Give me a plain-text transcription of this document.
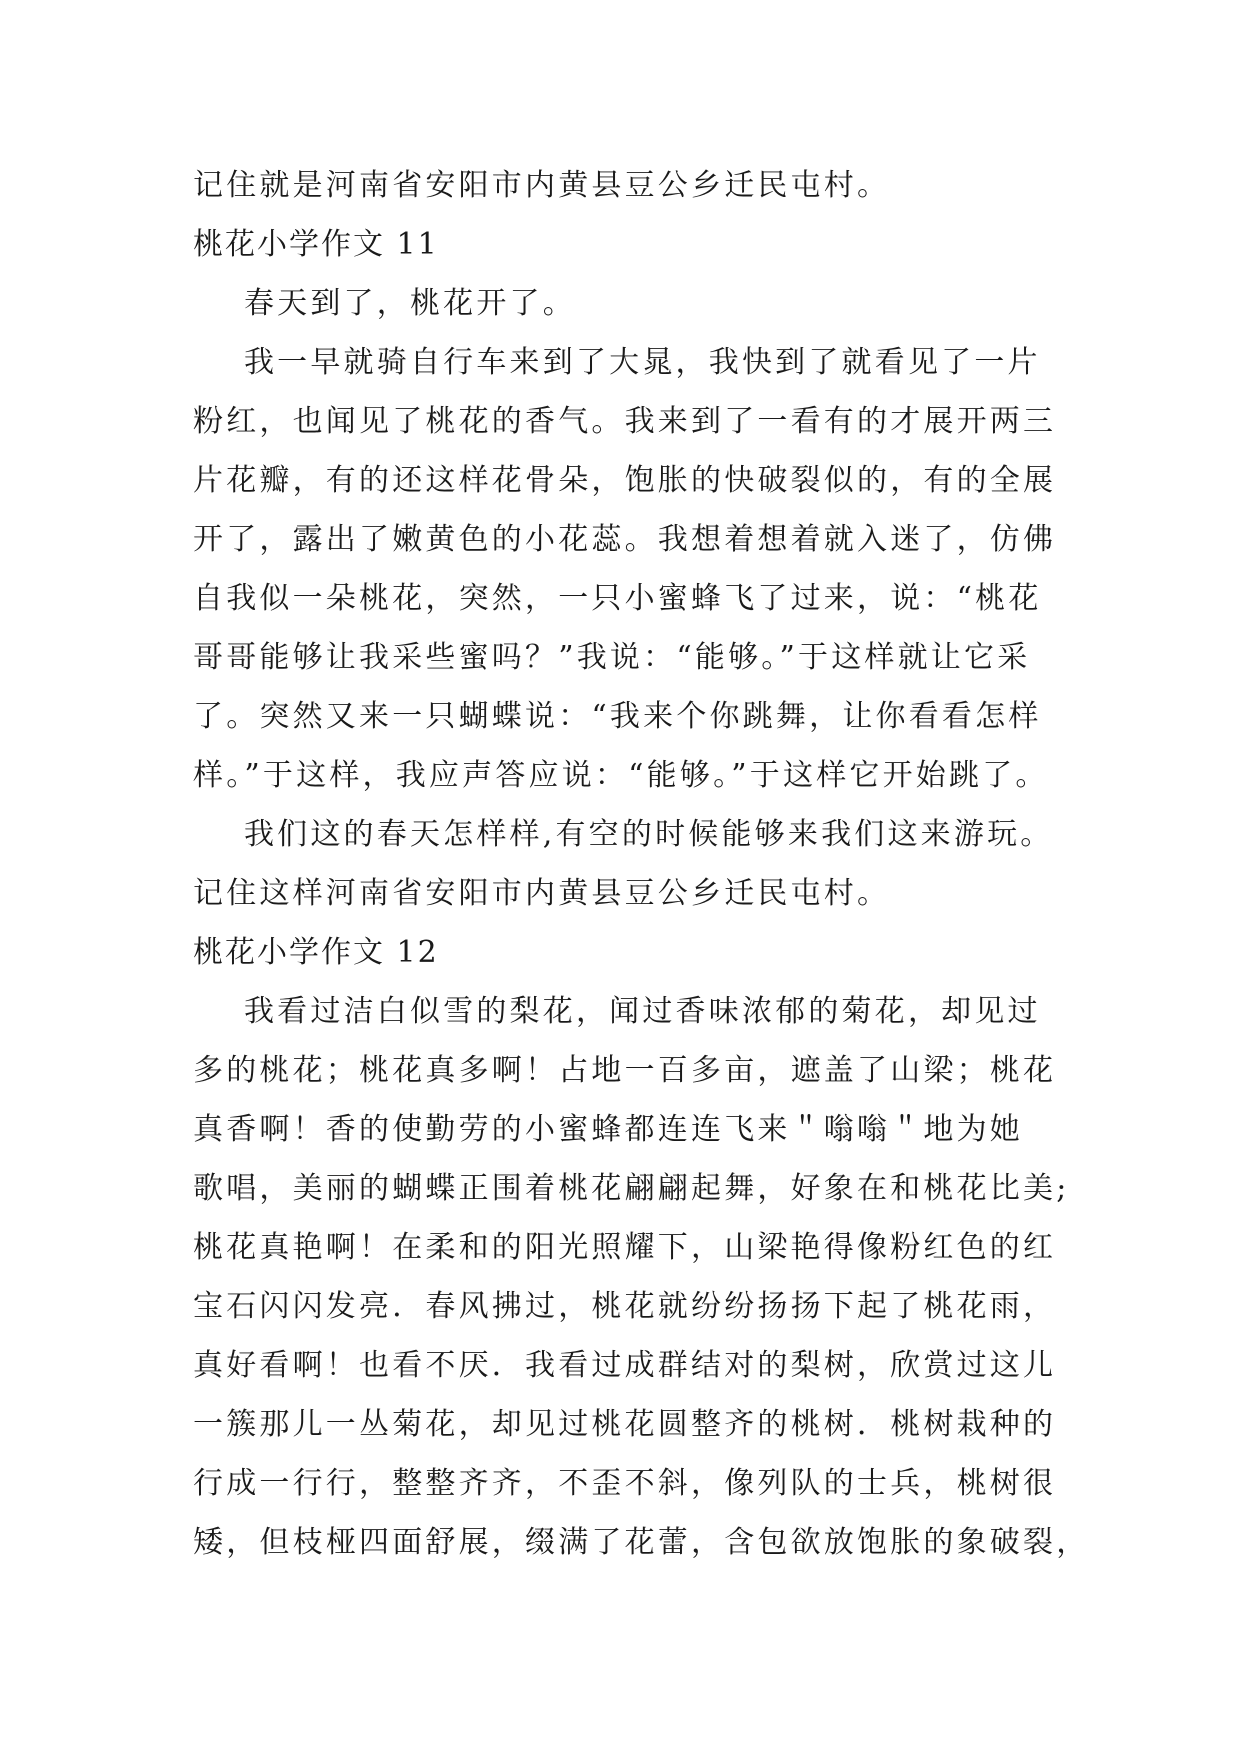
记住就是河南省安阳市内黄县豆公乡迁民屯村。
桃花小学作文 11
春天到了，桃花开了。
我一早就骑自行车来到了大晁，我快到了就看见了一片
粉红，也闻见了桃花的香气。我来到了一看有的才展开两三
片花瓣，有的还这样花骨朵，饱胀的快破裂似的，有的全展
开了，露出了嫩黄色的小花蕊。我想着想着就入迷了，仿佛
自我似一朵桃花，突然，一只小蜜蜂飞了过来，说：“桃花
哥哥能够让我采些蜜吗？”我说：“能够。”于这样就让它采
了。突然又来一只蝴蝶说：“我来个你跳舞，让你看看怎样
样。”于这样，我应声答应说：“能够。”于这样它开始跳了。
我们这的春天怎样样,有空的时候能够来我们这来游玩。
记住这样河南省安阳市内黄县豆公乡迁民屯村。
桃花小学作文 12
我看过洁白似雪的梨花，闻过香味浓郁的菊花，却见过
多的桃花；桃花真多啊！占地一百多亩，遮盖了山梁；桃花
真香啊！香的使勤劳的小蜜蜂都连连飞来＂嗡嗡＂地为她
歌唱，美丽的蝴蝶正围着桃花翩翩起舞，好象在和桃花比美;
桃花真艳啊！在柔和的阳光照耀下，山梁艳得像粉红色的红
宝石闪闪发亮．春风拂过，桃花就纷纷扬扬下起了桃花雨，
真好看啊！也看不厌．我看过成群结对的梨树，欣赏过这儿
一簇那儿一丛菊花，却见过桃花圆整齐的桃树．桃树栽种的
行成一行行，整整齐齐，不歪不斜，像列队的士兵，桃树很
矮，但枝桠四面舒展，缀满了花蕾，含包欲放饱胀的象破裂，
